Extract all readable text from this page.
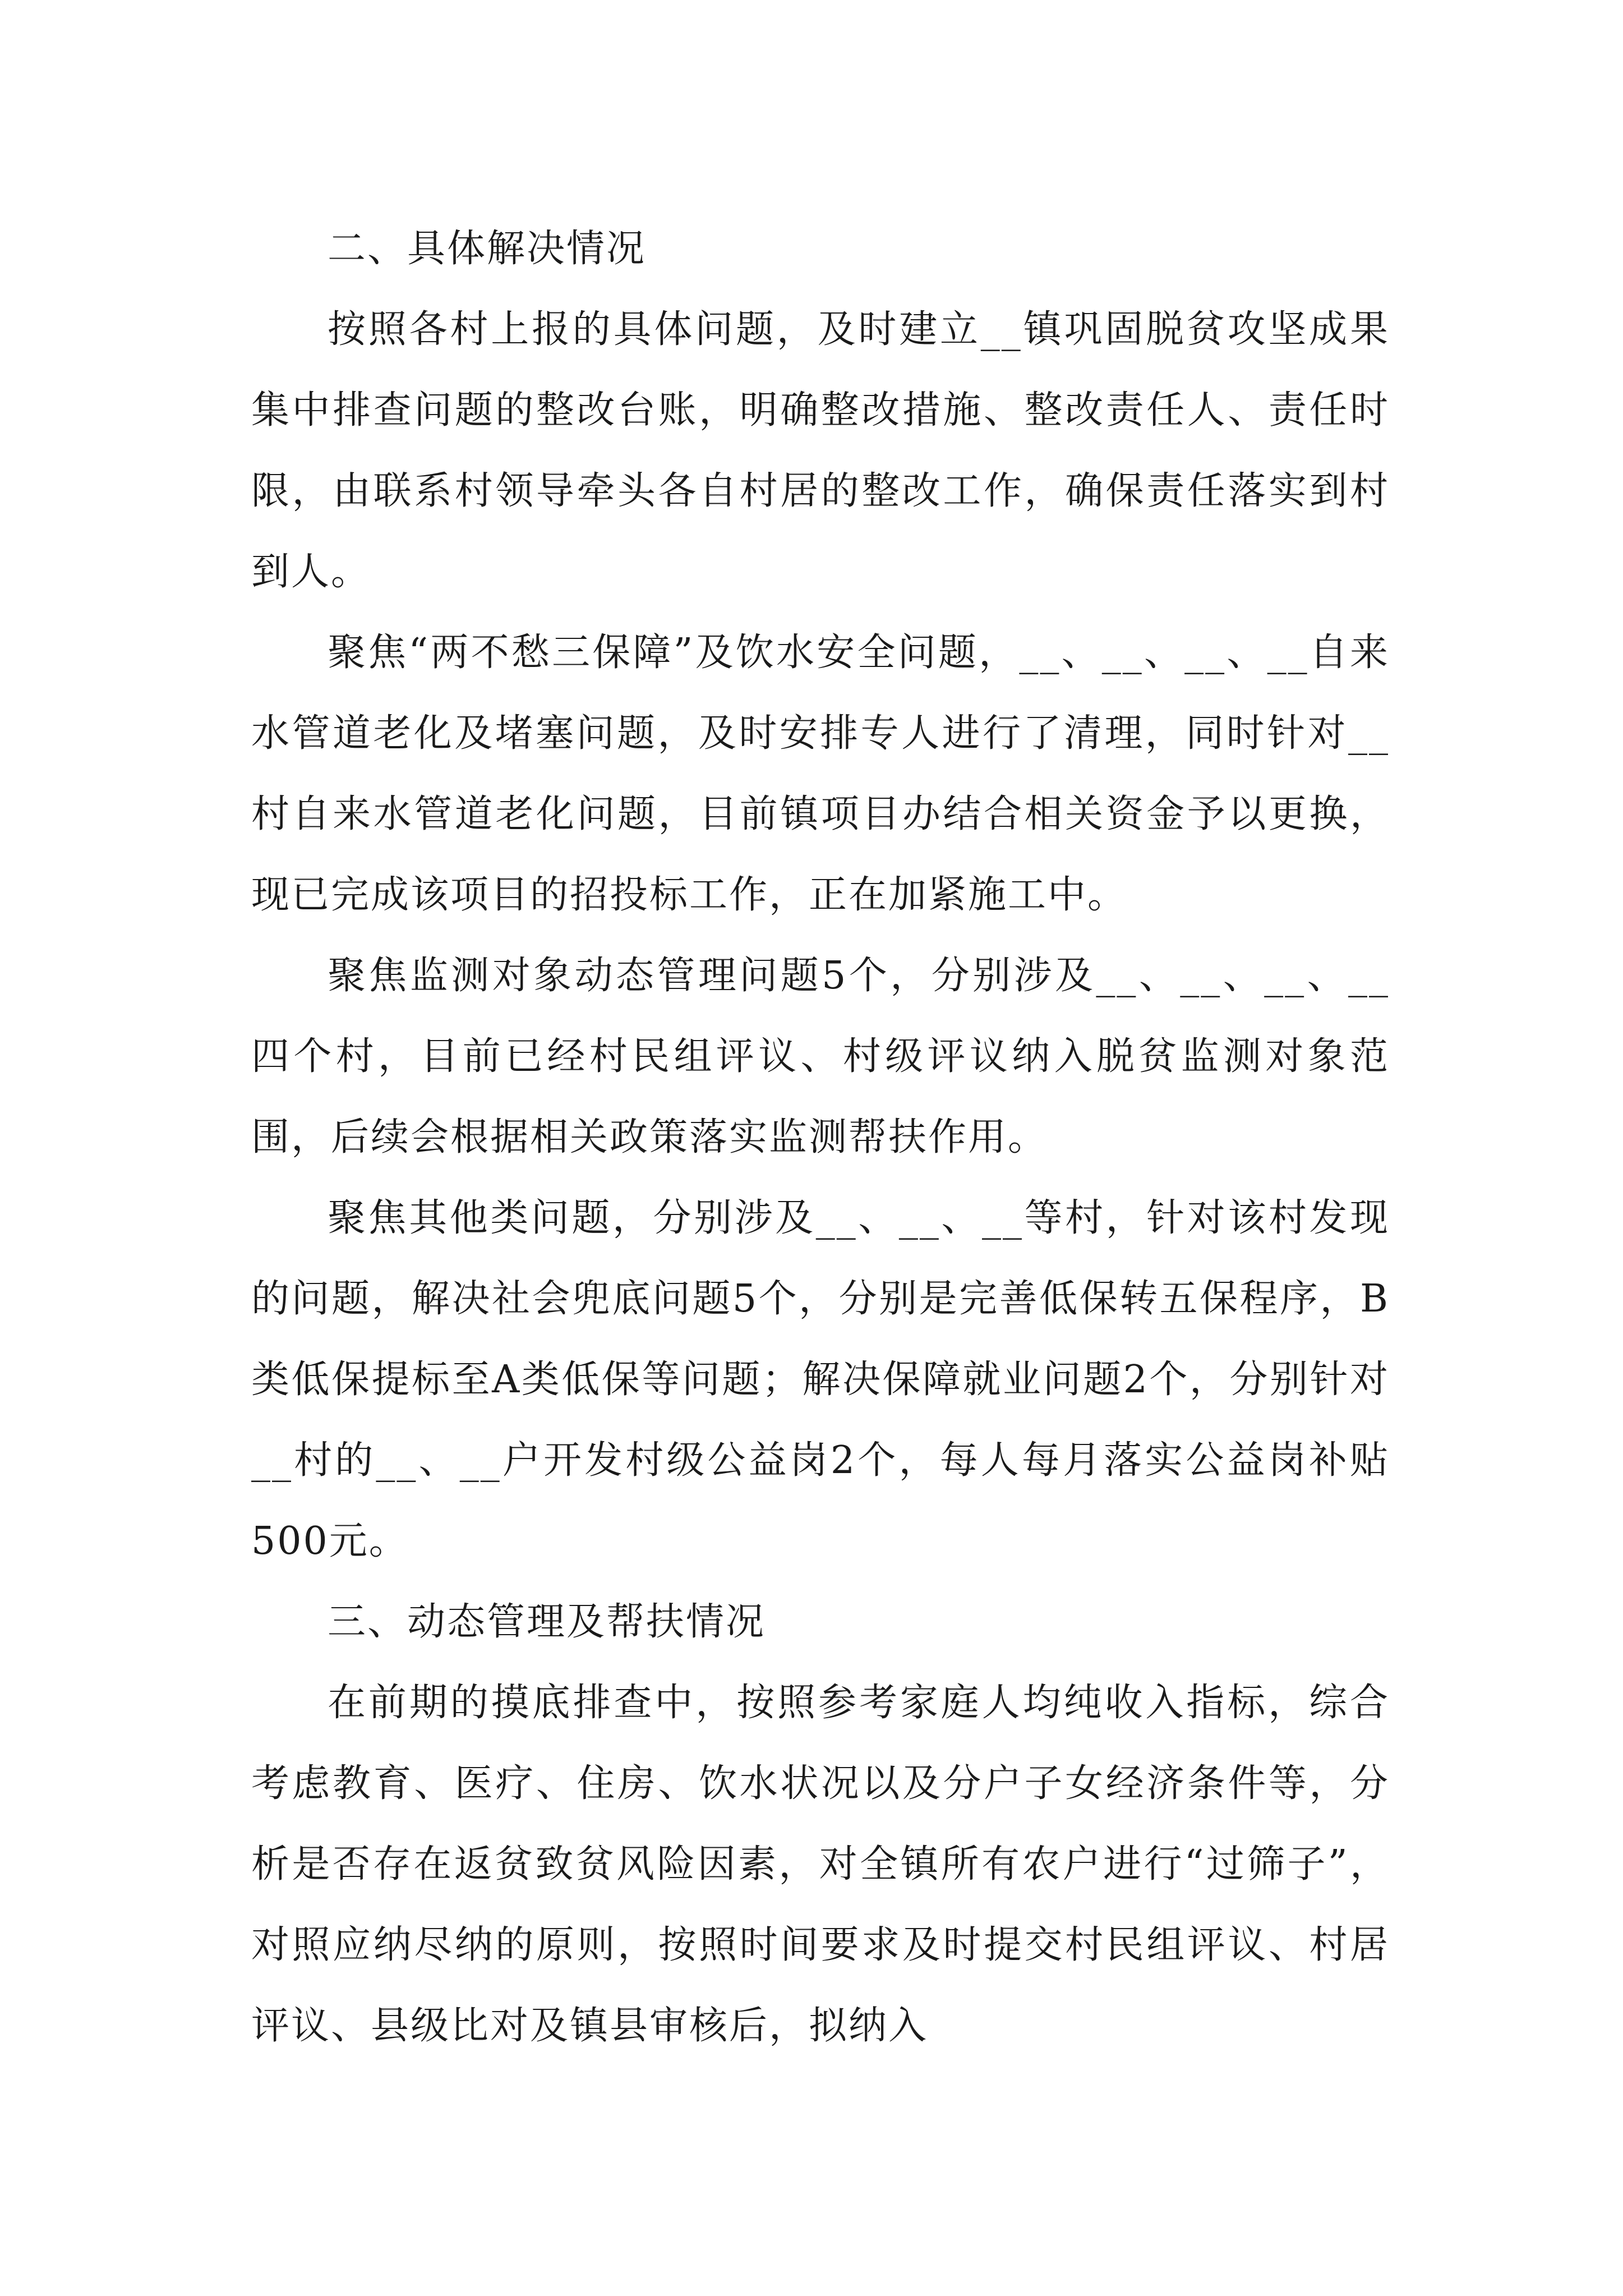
二、具体解决情况

按照各村上报的具体问题，及时建立__镇巩固脱贫攻坚成果集中排查问题的整改台账，明确整改措施、整改责任人、责任时限，由联系村领导牵头各自村居的整改工作，确保责任落实到村到人。

聚焦“两不愁三保障”及饮水安全问题，__、__、__、__自来水管道老化及堵塞问题，及时安排专人进行了清理，同时针对__村自来水管道老化问题，目前镇项目办结合相关资金予以更换，现已完成该项目的招投标工作，正在加紧施工中。

聚焦监测对象动态管理问题5个，分别涉及__、__、__、__四个村，目前已经村民组评议、村级评议纳入脱贫监测对象范围，后续会根据相关政策落实监测帮扶作用。

聚焦其他类问题，分别涉及__、__、__等村，针对该村发现的问题，解决社会兜底问题5个，分别是完善低保转五保程序，B类低保提标至A类低保等问题；解决保障就业问题2个，分别针对__村的__、__户开发村级公益岗2个，每人每月落实公益岗补贴500元。

三、动态管理及帮扶情况

在前期的摸底排查中，按照参考家庭人均纯收入指标，综合考虑教育、医疗、住房、饮水状况以及分户子女经济条件等，分析是否存在返贫致贫风险因素，对全镇所有农户进行“过筛子”，对照应纳尽纳的原则，按照时间要求及时提交村民组评议、村居评议、县级比对及镇县审核后，拟纳入
